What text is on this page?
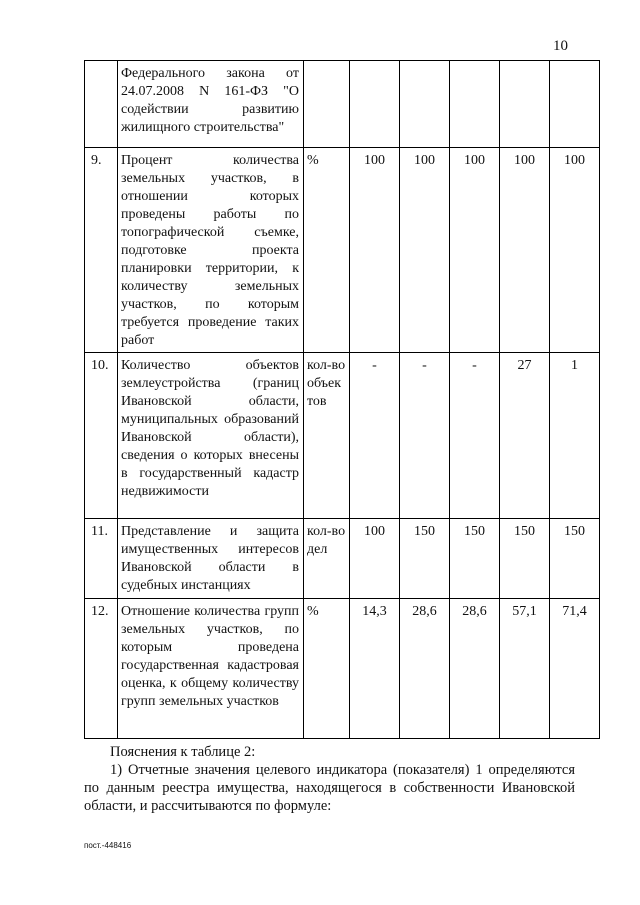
10
	Федерального закона от 24.07.2008 N 161-ФЗ "О содействии развитию жилищного строительства"						
9.	Процент количества земельных участков, в отношении которых проведены работы по топографической съемке, подготовке проекта планировки территории, к количеству земельных участков, по которым требуется проведение таких работ	%	100	100	100	100	100
10.	Количество объектов землеустройства (границ Ивановской области, муниципальных образований Ивановской области), сведения о которых внесены в государственный кадастр недвижимости	кол-во объектов	-	-	-	27	1
11.	Представление и защита имущественных интересов Ивановской области в судебных инстанциях	кол-во дел	100	150	150	150	150
12.	Отношение количества групп земельных участков, по которым проведена государственная кадастровая оценка, к общему количеству групп земельных участков	%	14,3	28,6	28,6	57,1	71,4

Пояснения к таблице 2:

1) Отчетные значения целевого индикатора (показателя) 1 определяются по данным реестра имущества, находящегося в собственности Ивановской области, и рассчитываются по формуле:

пост.-448416
